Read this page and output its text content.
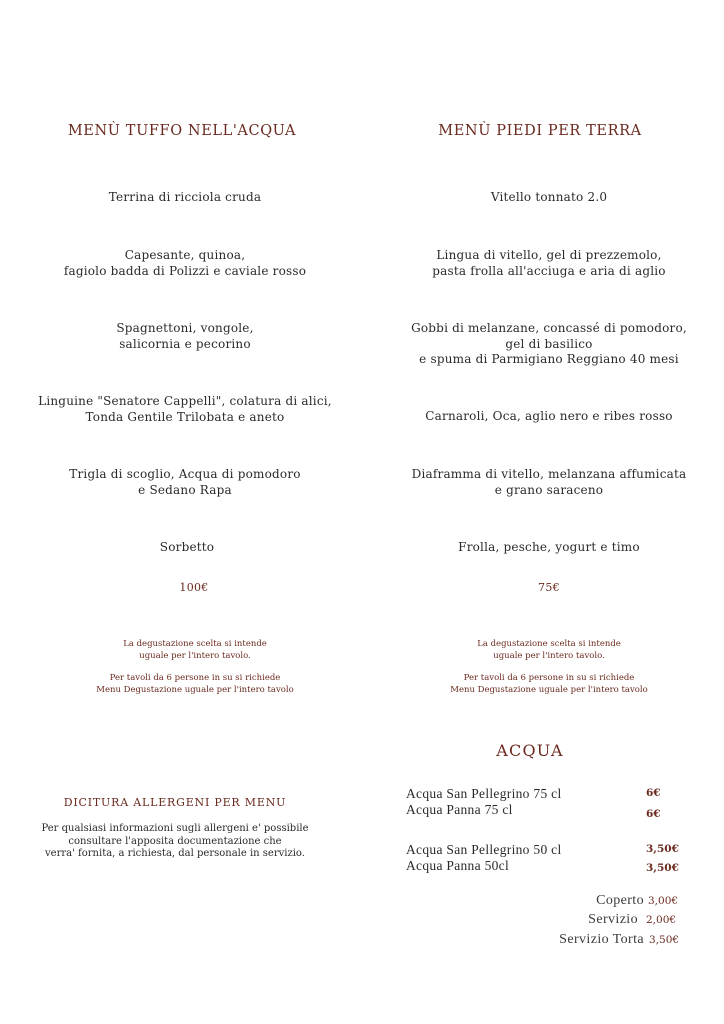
MENÙ TUFFO NELL'ACQUA
Terrina di ricciola cruda
Capesante, quinoa,
fagiolo badda di Polizzi e caviale rosso
Spagnettoni, vongole,
salicornia e pecorino
Linguine "Senatore Cappelli", colatura di alici,
Tonda Gentile Trilobata e aneto
Trigla di scoglio, Acqua di pomodoro
e Sedano Rapa
Sorbetto
100€
La degustazione scelta si intende
uguale per l'intero tavolo.
Per tavoli da 6 persone in su si richiede
Menu Degustazione uguale per l'intero tavolo
MENÙ PIEDI PER TERRA
Vitello tonnato 2.0
Lingua di vitello, gel di prezzemolo,
pasta frolla all'acciuga e aria di aglio
Gobbi di melanzane, concassé di pomodoro,
gel di basilico
e spuma di Parmigiano Reggiano 40 mesi
Carnaroli, Oca, aglio nero e ribes rosso
Diaframma di vitello, melanzana affumicata
e grano saraceno
Frolla, pesche, yogurt e timo
75€
La degustazione scelta si intende
uguale per l'intero tavolo.
Per tavoli da 6 persone in su si richiede
Menu Degustazione uguale per l'intero tavolo
DICITURA ALLERGENI PER MENU
Per qualsiasi informazioni sugli allergeni e' possibile
consultare l'apposita documentazione che
verra' fornita, a richiesta, dal personale in servizio.
ACQUA
Acqua San Pellegrino 75 cl	6€
Acqua Panna 75 cl	6€
Acqua San Pellegrino 50 cl	3,50€
Acqua Panna 50cl	3,50€
Coperto 3,00€
Servizio 2,00€
Servizio Torta 3,50€
